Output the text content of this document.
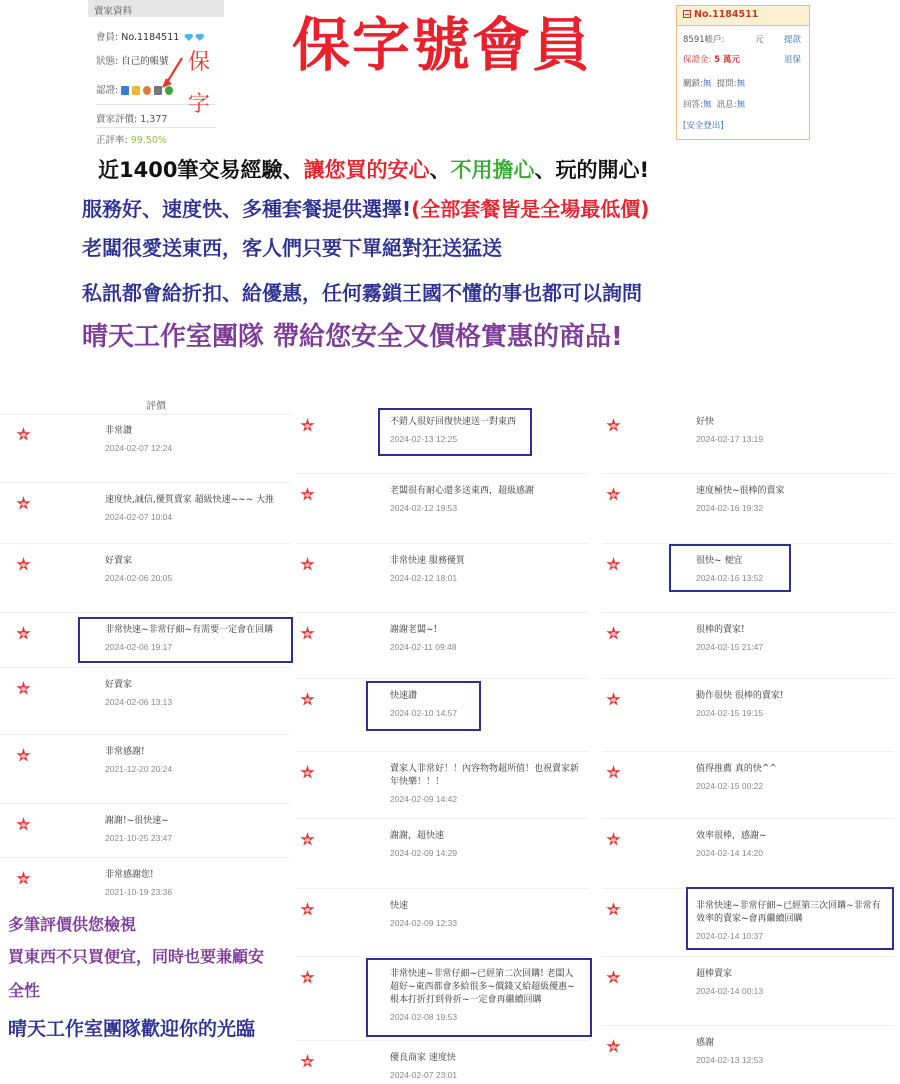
賣家資料
會員: No.1184511
狀態: 自己的帳號
認證:
賣家評價: 1,377
正評率: 99.50%
保
字
保字號會員	No.1184511
8591帳戶:	元 提款
保證金: 5 萬元	退保
關鎖:無 提問:無
回答:無 訊息:無
[安全登出]
近1400筆交易經驗、讓您買的安心、不用擔心、玩的開心!
服務好、速度快、多種套餐提供選擇!(全部套餐皆是全場最低價)
老闆很愛送東西，客人們只要下單絕對狂送猛送
私訊都會給折扣、給優惠，任何霧鎖王國不懂的事也都可以詢問
晴天工作室團隊 帶給您安全又價格實惠的商品!
評價
非常讚
2024-02-07 12:24
速度快,誠信,優質賣家 超級快速~~~ 大推
2024-02-07 10:04
好賣家
2024-02-06 20:05
非常快速~非常仔細~有需要一定會在回購
2024-02-06 19:17
好賣家
2024-02-06 13:13
非常感謝!
2021-12-20 20:24
謝謝!~很快速~
2021-10-25 23:47
非常感謝您!
2021-10-19 23:36
不錯人很好回復快速送一對東西
2024-02-13 12:25
老闆很有耐心還多送東西，超級感謝
2024-02-12 19:53
非常快速 服務優質
2024-02-12 18:01
謝謝老闆~!
2024-02-11 09:48
快速讚
2024-02-10 14:57
賣家人非常好！！內容物物超所值！也祝賣家新年快樂！！！
2024-02-09 14:42
謝謝，超快速
2024-02-09 14:29
快速
2024-02-09 12:33
非常快速~非常仔細~已經第二次回購! 老闆人超好~東西都會多給很多~價錢又給超級優惠~根本打折打到骨折~一定會再繼續回購
2024-02-08 19:53
優良商家 速度快
2024-02-07 23:01
好快
2024-02-17 13:19
速度極快~很棒的賣家
2024-02-16 19:32
很快~ 便宜
2024-02-16 13:52
很棒的賣家!
2024-02-15 21:47
動作很快 很棒的賣家!
2024-02-15 19:15
值得推薦 真的快^^
2024-02-15 00:22
效率很棒，感謝~
2024-02-14 14:20
非常快速~非常仔細~已經第三次回購~非常有效率的賣家~會再繼續回購
2024-02-14 10:37
超棒賣家
2024-02-14 00:13
感謝
2024-02-13 12:53
多筆評價供您檢視
買東西不只買便宜，同時也要兼顧安
全性
晴天工作室團隊歡迎你的光臨
